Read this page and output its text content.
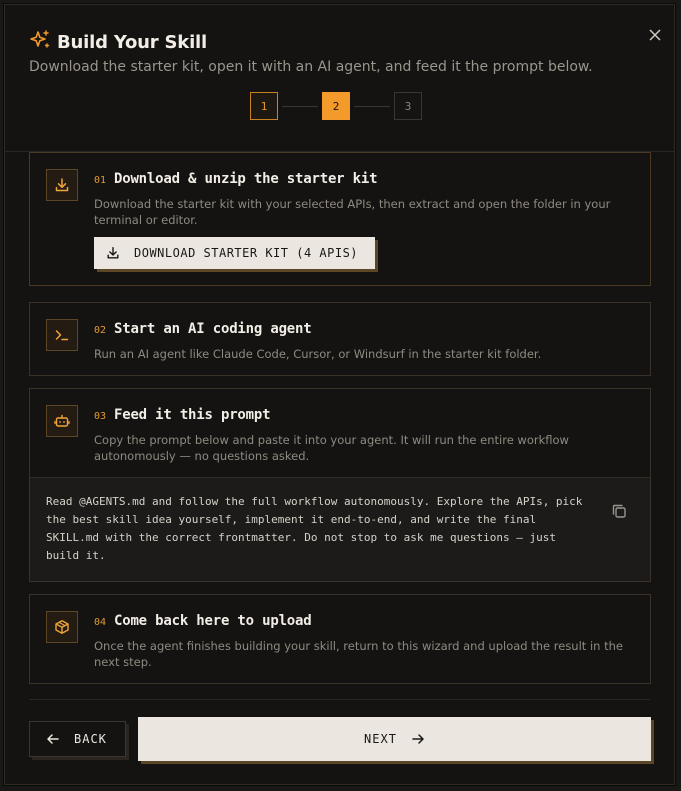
Build Your Skill
Download the starter kit, open it with an AI agent, and feed it the prompt below.
1	2	3
01 Download & unzip the starter kit
Download the starter kit with your selected APIs, then extract and open the folder in your terminal or editor.
DOWNLOAD STARTER KIT (4 APIS)
02 Start an AI coding agent
Run an AI agent like Claude Code, Cursor, or Windsurf in the starter kit folder.
03 Feed it this prompt
Copy the prompt below and paste it into your agent. It will run the entire workflow autonomously — no questions asked.
Read @AGENTS.md and follow the full workflow autonomously. Explore the APIs, pick
the best skill idea yourself, implement it end-to-end, and write the final
SKILL.md with the correct frontmatter. Do not stop to ask me questions — just
build it.
04 Come back here to upload
Once the agent finishes building your skill, return to this wizard and upload the result in the next step.
BACK	NEXT
